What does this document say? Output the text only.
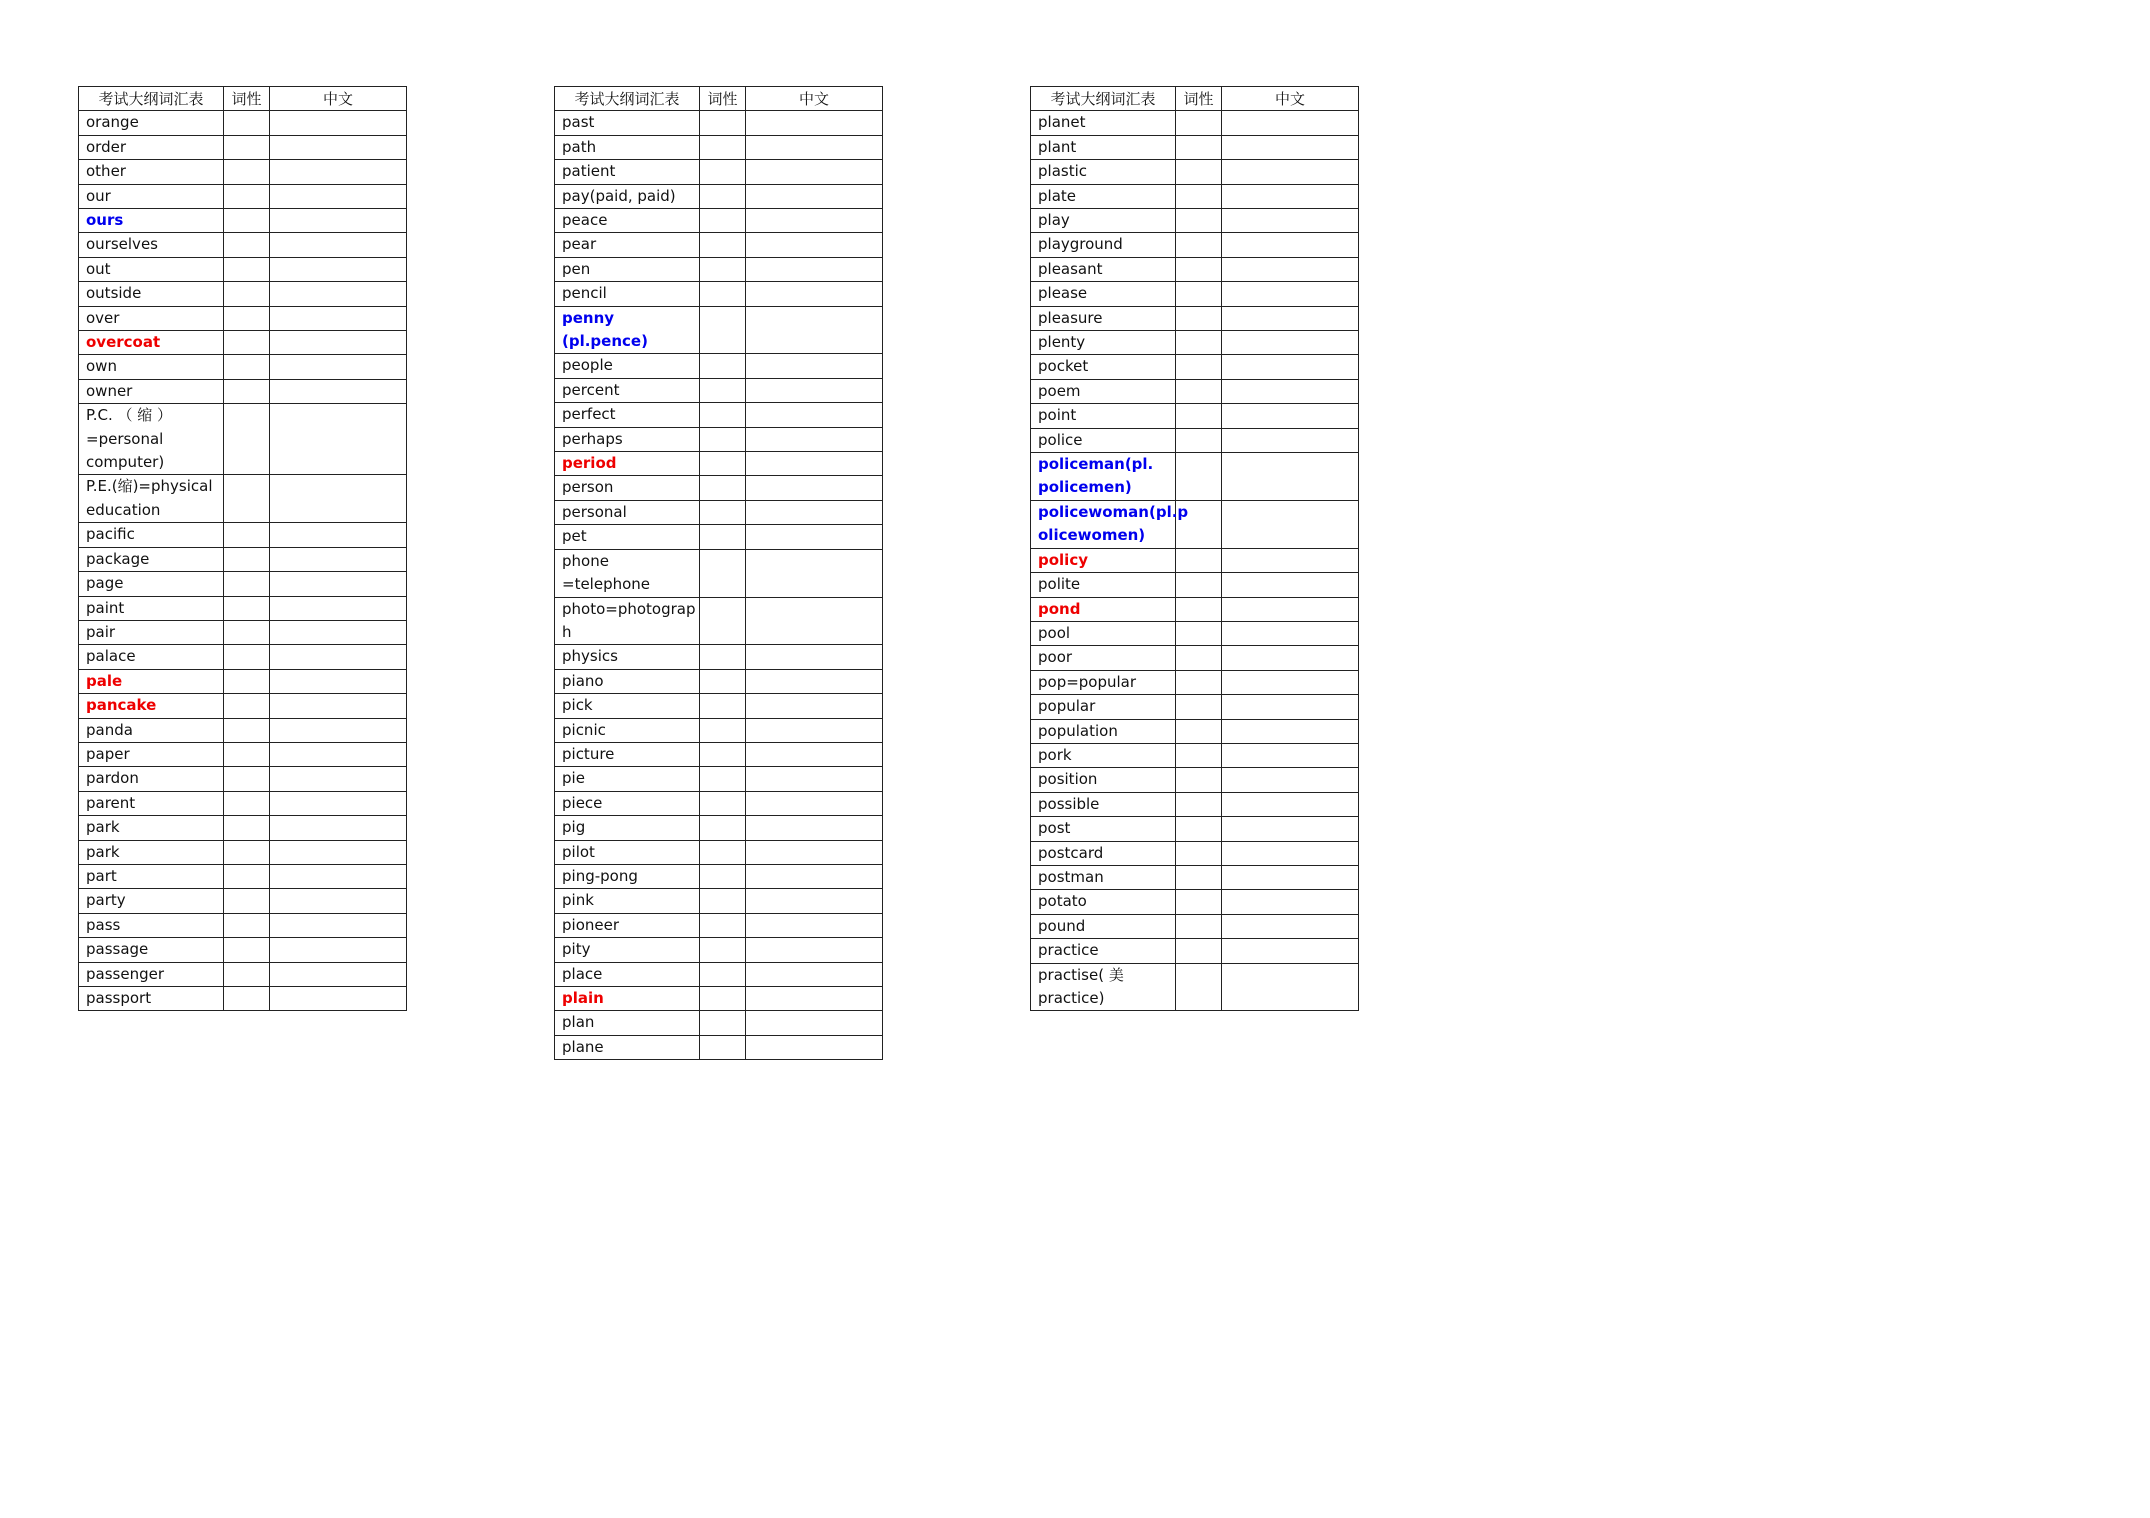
考试大纲词汇表	词性	中文
orange		
order		
other		
our		
ours		
ourselves		
out		
outside		
over		
overcoat		
own		
owner		

P.C. （ 缩 ）
=personal
computer)		

P.E.(缩)=physical
education		

pacific		
package		
page		
paint		
pair		
palace		
pale		
pancake		
panda		
paper		
pardon		
parent		
park		
park		
part		
party		
pass		
passage		
passenger		
passport		
考试大纲词汇表	词性	中文
past		
path		
patient		
pay(paid, paid)		
peace		
pear		
pen		
pencil		
penny (pl.pence)		
people		
percent		
perfect		
perhaps		
period		
person		
personal		
pet		
phone =telephone		

photo=photograp
h		

physics		
piano		
pick		
picnic		
picture		
pie		
piece		
pig		
pilot		
ping-pong		
pink		
pioneer		
pity		
place		
plain		
plan		
plane		
考试大纲词汇表	词性	中文
planet		
plant		
plastic		
plate		
play		
playground		
pleasant		
please		
pleasure		
plenty		
pocket		
poem		
point		
police		

policeman(pl.
policemen)		

policewoman(pl.p
olicewomen)		

policy		
polite		
pond		
pool		
poor		
pop=popular		
popular		
population		
pork		
position		
possible		
post		
postcard		
postman		
potato		
pound		
practice		

practise( 美
practice)		
